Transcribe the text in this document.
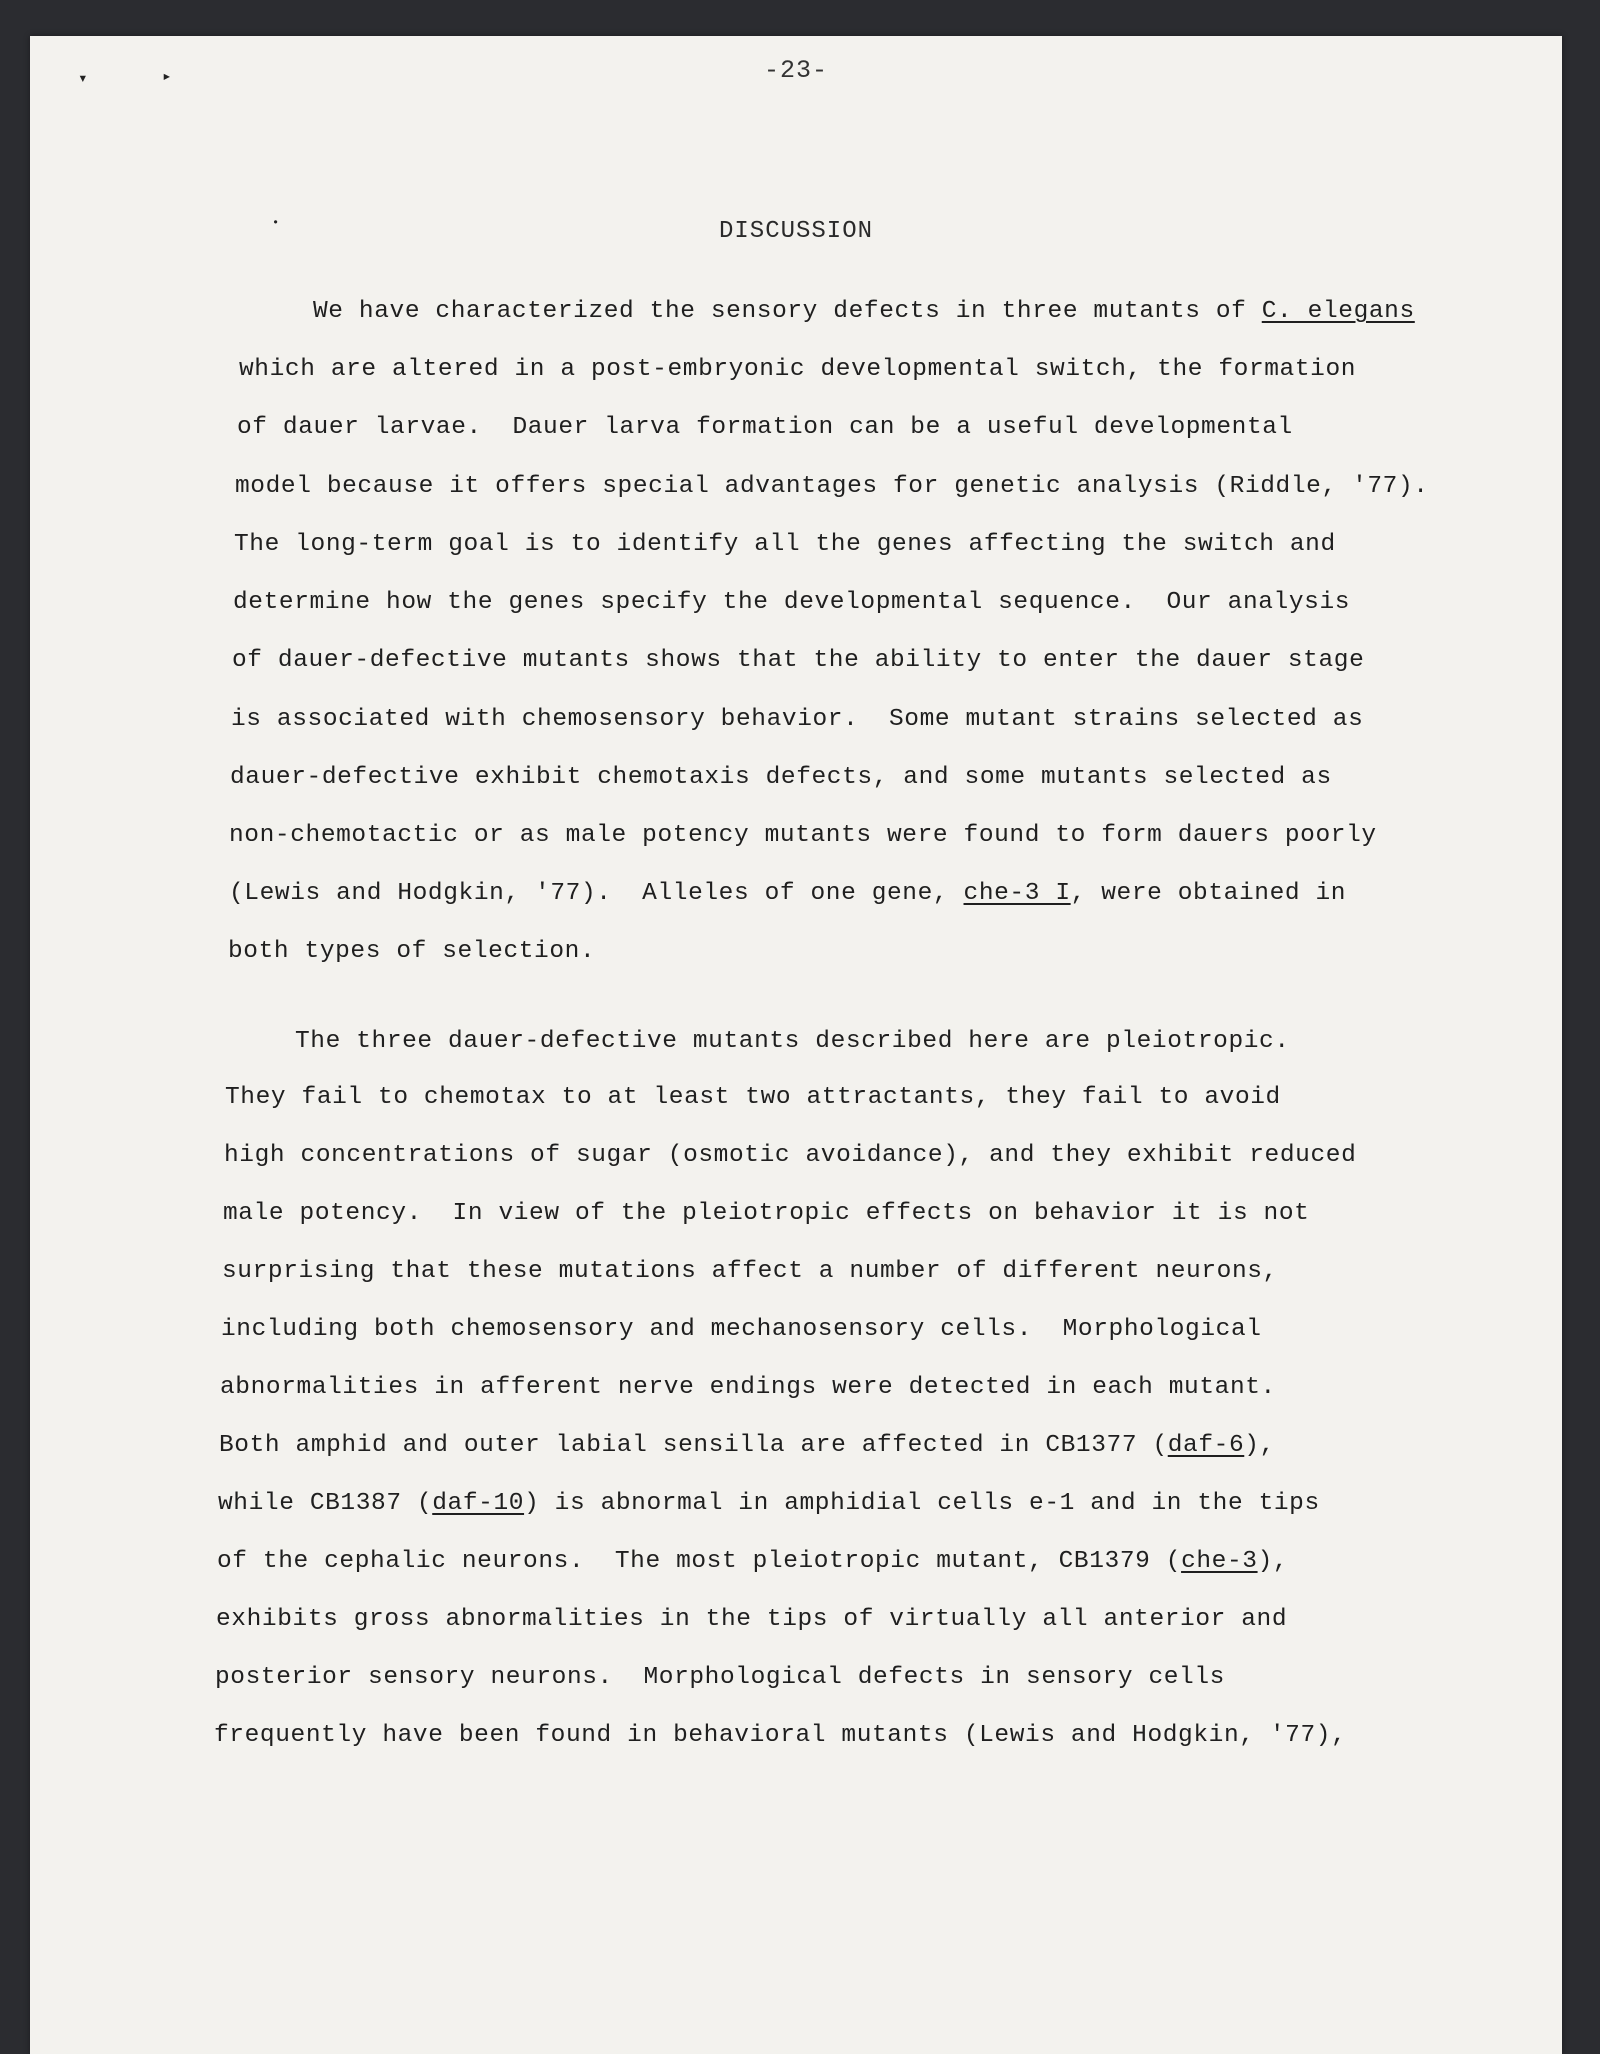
▾	▸
•
-23-
DISCUSSION
We have characterized the sensory defects in three mutants of C. elegans
which are altered in a post-embryonic developmental switch, the formation
of dauer larvae.  Dauer larva formation can be a useful developmental
model because it offers special advantages for genetic analysis (Riddle, '77).
The long-term goal is to identify all the genes affecting the switch and
determine how the genes specify the developmental sequence.  Our analysis
of dauer-defective mutants shows that the ability to enter the dauer stage
is associated with chemosensory behavior.  Some mutant strains selected as
dauer-defective exhibit chemotaxis defects, and some mutants selected as
non-chemotactic or as male potency mutants were found to form dauers poorly
(Lewis and Hodgkin, '77).  Alleles of one gene, che-3 I, were obtained in
both types of selection.
The three dauer-defective mutants described here are pleiotropic.
They fail to chemotax to at least two attractants, they fail to avoid
high concentrations of sugar (osmotic avoidance), and they exhibit reduced
male potency.  In view of the pleiotropic effects on behavior it is not
surprising that these mutations affect a number of different neurons,
including both chemosensory and mechanosensory cells.  Morphological
abnormalities in afferent nerve endings were detected in each mutant.
Both amphid and outer labial sensilla are affected in CB1377 (daf-6),
while CB1387 (daf-10) is abnormal in amphidial cells e-1 and in the tips
of the cephalic neurons.  The most pleiotropic mutant, CB1379 (che-3),
exhibits gross abnormalities in the tips of virtually all anterior and
posterior sensory neurons.  Morphological defects in sensory cells
frequently have been found in behavioral mutants (Lewis and Hodgkin, '77),
